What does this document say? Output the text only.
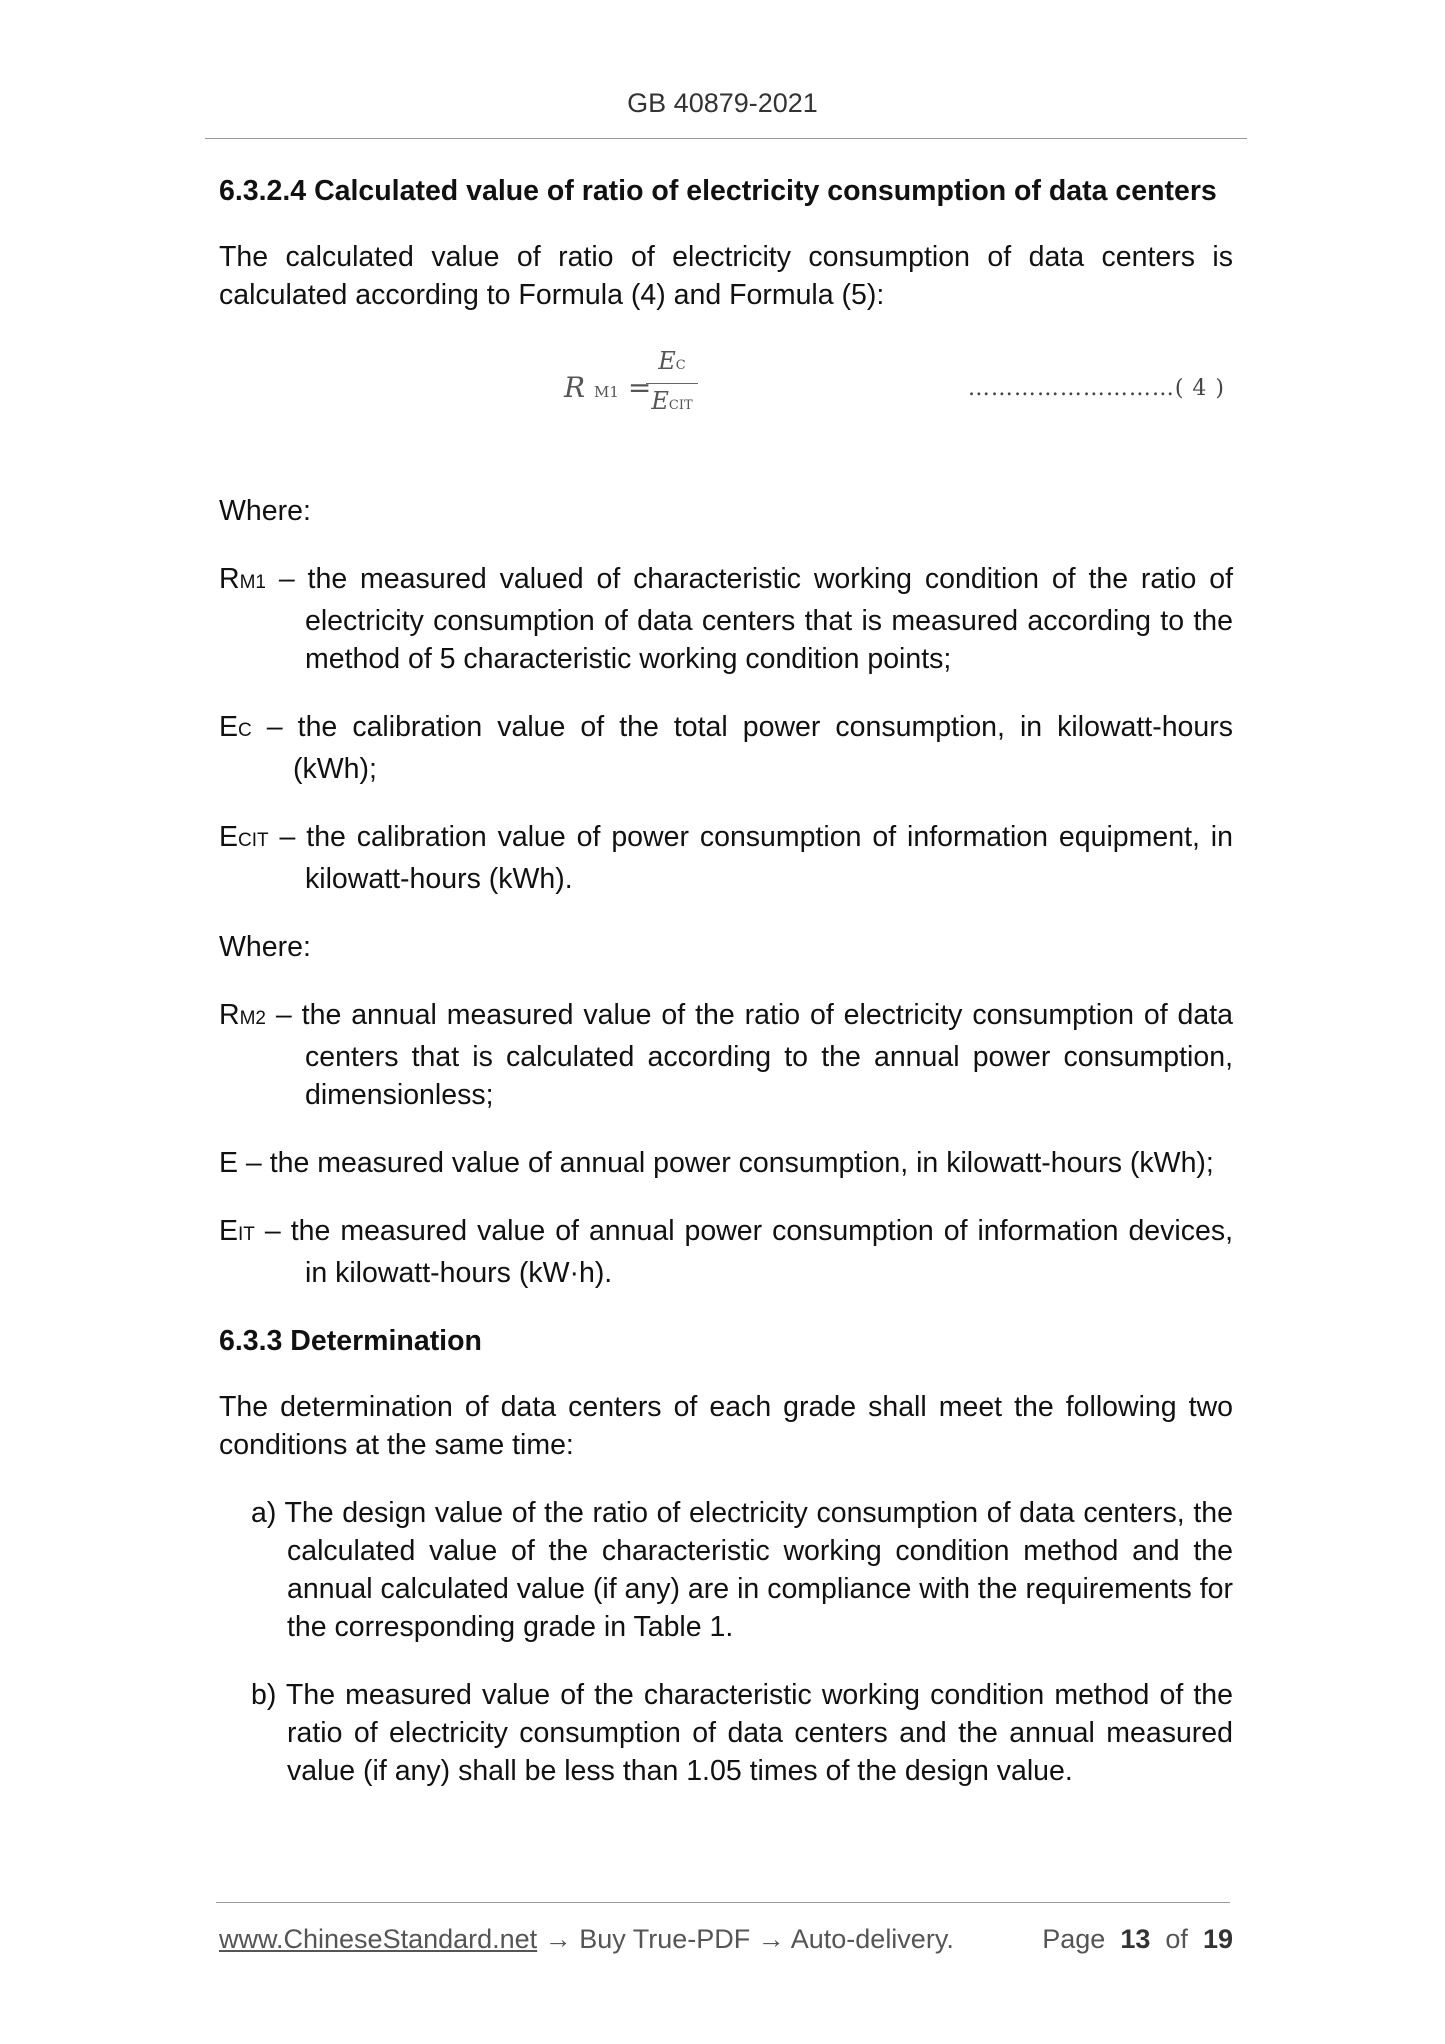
GB 40879-2021
6.3.2.4 Calculated value of ratio of electricity consumption of data centers

The calculated value of ratio of electricity consumption of data centers is calculated according to Formula (4) and Formula (5):

R M1 =
EC
ECIT
………………………( 4 )

Where:

RM1 – the measured valued of characteristic working condition of the ratio of electricity consumption of data centers that is measured according to the method of 5 characteristic working condition points;
EC – the calibration value of the total power consumption, in kilowatt-hours (kWh);
ECIT – the calibration value of power consumption of information equipment, in kilowatt-hours (kWh).

Where:

RM2 – the annual measured value of the ratio of electricity consumption of data centers that is calculated according to the annual power consumption, dimensionless;
E – the measured value of annual power consumption, in kilowatt-hours (kWh);
EIT – the measured value of annual power consumption of information devices, in kilowatt-hours (kW·h).
6.3.3 Determination

The determination of data centers of each grade shall meet the following two conditions at the same time:

a) The design value of the ratio of electricity consumption of data centers, the calculated value of the characteristic working condition method and the annual calculated value (if any) are in compliance with the requirements for the corresponding grade in Table 1.
b) The measured value of the characteristic working condition method of the ratio of electricity consumption of data centers and the annual measured value (if any) shall be less than 1.05 times of the design value.
www.ChineseStandard.net → Buy True-PDF → Auto-delivery.	Page 13 of 19
